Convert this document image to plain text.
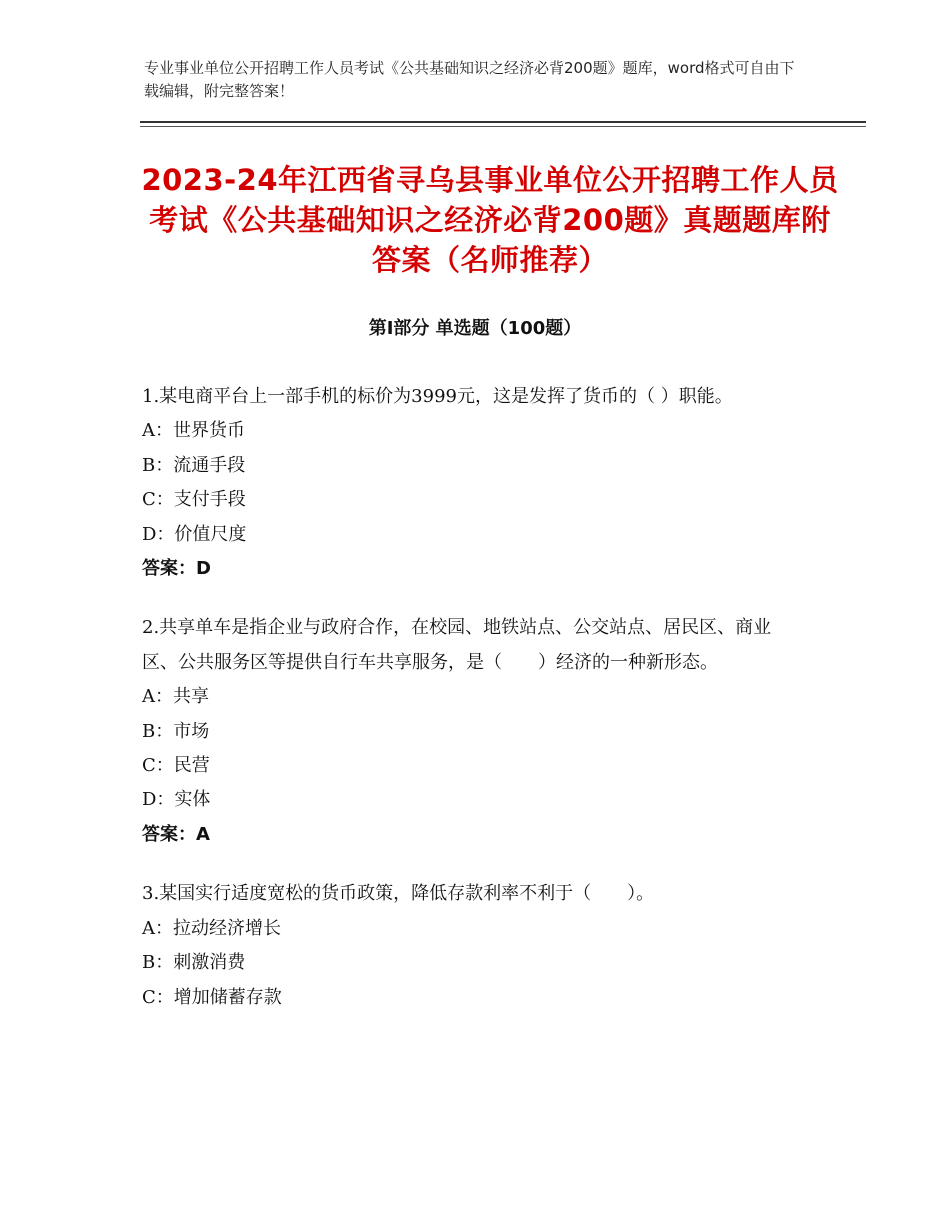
专业事业单位公开招聘工作人员考试《公共基础知识之经济必背200题》题库，word格式可自由下载编辑，附完整答案！
2023-24年江西省寻乌县事业单位公开招聘工作人员考试《公共基础知识之经济必背200题》真题题库附答案（名师推荐）
第I部分 单选题（100题）

1.某电商平台上一部手机的标价为3999元，这是发挥了货币的（ ）职能。

A：世界货币

B：流通手段

C：支付手段

D：价值尺度

答案：D

2.共享单车是指企业与政府合作，在校园、地铁站点、公交站点、居民区、商业区、公共服务区等提供自行车共享服务，是（　　）经济的一种新形态。

A：共享

B：市场

C：民营

D：实体

答案：A

3.某国实行适度宽松的货币政策，降低存款利率不利于（　　）。

A：拉动经济增长

B：刺激消费

C：增加储蓄存款
